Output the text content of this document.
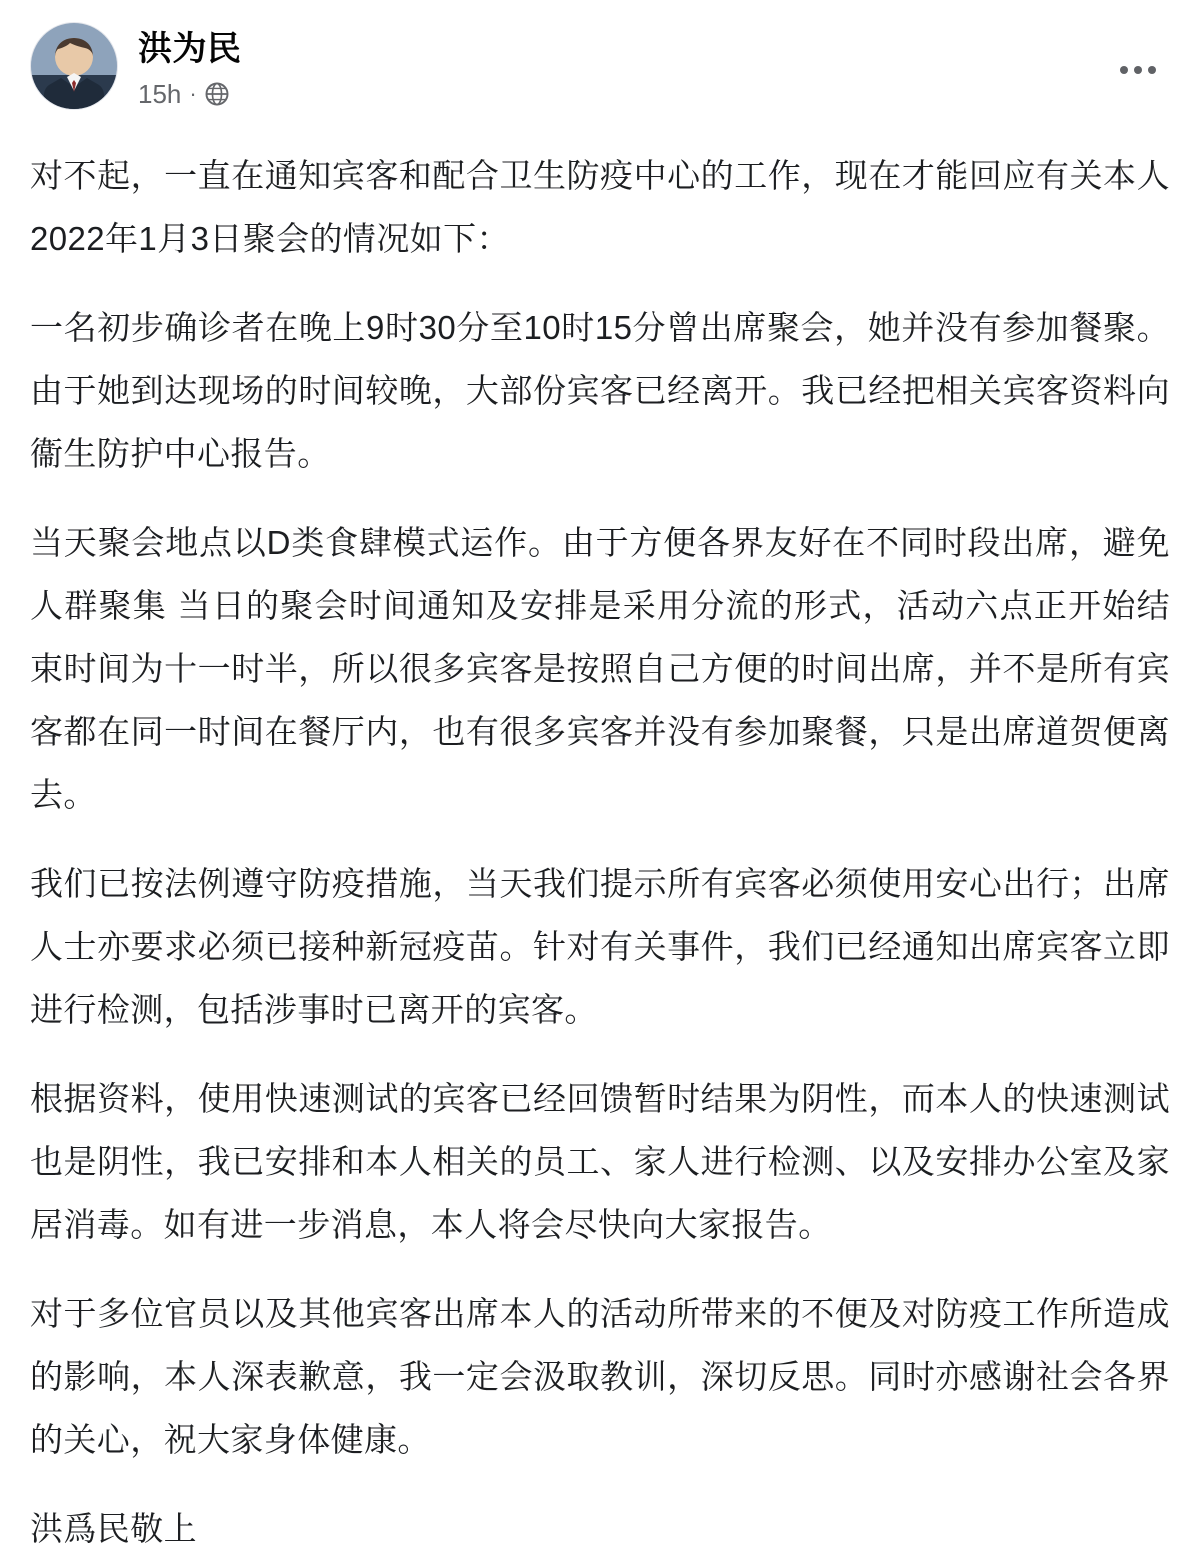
洪为民
15h ·

对不起，一直在通知宾客和配合卫生防疫中心的工作，现在才能回应有关本人2022年1月3日聚会的情况如下：

一名初步确诊者在晚上9时30分至10时15分曾出席聚会，她并没有参加餐聚。由于她到达现场的时间较晚，大部份宾客已经离开。我已经把相关宾客资料向衞生防护中心报告。

当天聚会地点以D类食肆模式运作。由于方便各界友好在不同时段出席，避免人群聚集 当日的聚会时间通知及安排是采用分流的形式，活动六点正开始结束时间为十一时半，所以很多宾客是按照自己方便的时间出席，并不是所有宾客都在同一时间在餐厅内，也有很多宾客并没有参加聚餐，只是出席道贺便离去。

我们已按法例遵守防疫措施，当天我们提示所有宾客必须使用安心出行；出席人士亦要求必须已接种新冠疫苗。针对有关事件，我们已经通知出席宾客立即进行检测，包括涉事时已离开的宾客。

根据资料，使用快速测试的宾客已经回馈暂时结果为阴性，而本人的快速测试也是阴性，我已安排和本人相关的员工、家人进行检测、以及安排办公室及家居消毒。如有进一步消息，本人将会尽快向大家报告。

对于多位官员以及其他宾客出席本人的活动所带来的不便及对防疫工作所造成的影响，本人深表歉意，我一定会汲取教训，深切反思。同时亦感谢社会各界的关心，祝大家身体健康。

洪爲民敬上
